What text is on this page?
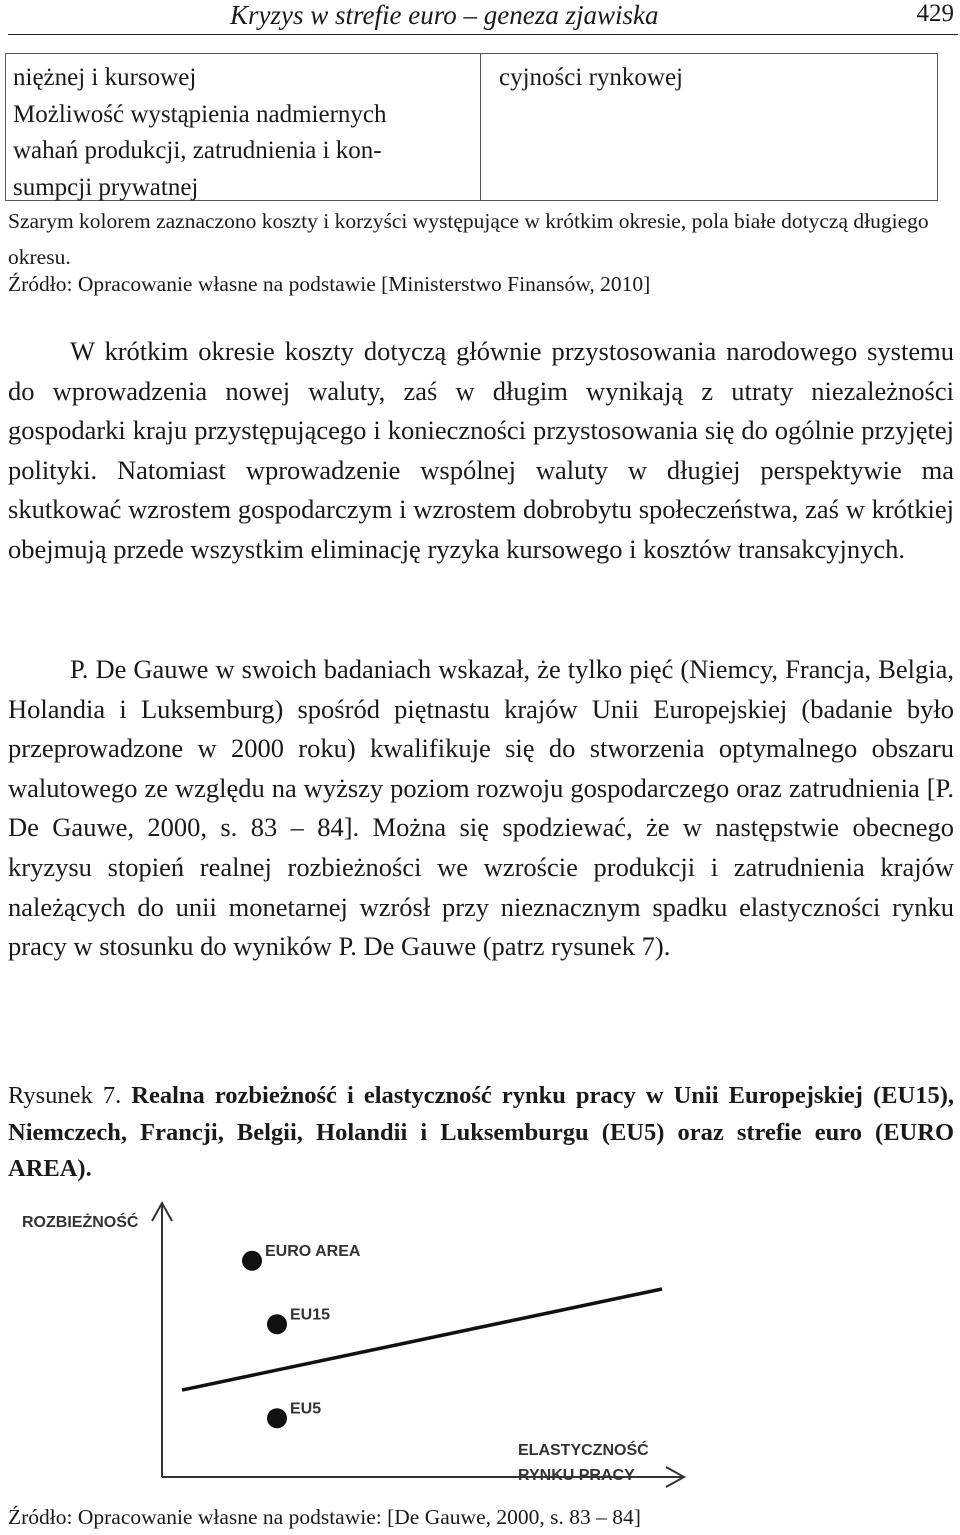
Kryzys w strefie euro – geneza zjawiska	429
niężnej i kursowej
Możliwość wystąpienia nadmiernych
wahań produkcji, zatrudnienia i kon-
sumpcji prywatnej
cyjności rynkowej
Szarym kolorem zaznaczono koszty i korzyści występujące w krótkim okresie, pola białe dotyczą długiego okresu.
Źródło: Opracowanie własne na podstawie [Ministerstwo Finansów, 2010]
W krótkim okresie koszty dotyczą głównie przystosowania narodowego systemu do wprowadzenia nowej waluty, zaś w długim wynikają z utraty niezależności gospodarki kraju przystępującego i konieczności przystosowania się do ogólnie przyjętej polityki. Natomiast wprowadzenie wspólnej waluty w długiej perspektywie ma skutkować wzrostem gospodarczym i wzrostem dobrobytu społeczeństwa, zaś w krótkiej obejmują przede wszystkim eliminację ryzyka kursowego i kosztów transakcyjnych.
P. De Gauwe w swoich badaniach wskazał, że tylko pięć (Niemcy, Francja, Belgia, Holandia i Luksemburg) spośród piętnastu krajów Unii Europejskiej (badanie było przeprowadzone w 2000 roku) kwalifikuje się do stworzenia optymalnego obszaru walutowego ze względu na wyższy poziom rozwoju gospodarczego oraz zatrudnienia [P. De Gauwe, 2000, s. 83 – 84]. Można się spodziewać, że w następstwie obecnego kryzysu stopień realnej rozbieżności we wzroście produkcji i zatrudnienia krajów należących do unii monetarnej wzrósł przy nieznacznym spadku elastyczności rynku pracy w stosunku do wyników P. De Gauwe (patrz rysunek 7).
Rysunek 7. Realna rozbieżność i elastyczność rynku pracy w Unii Europejskiej (EU15), Niemczech, Francji, Belgii, Holandii i Luksemburgu (EU5) oraz strefie euro (EURO AREA).
ROZBIEŻNOŚĆ
ELASTYCZNOŚĆ
RYNKU PRACY
EURO AREA
EU15
EU5
Źródło: Opracowanie własne na podstawie: [De Gauwe, 2000, s. 83 – 84]
